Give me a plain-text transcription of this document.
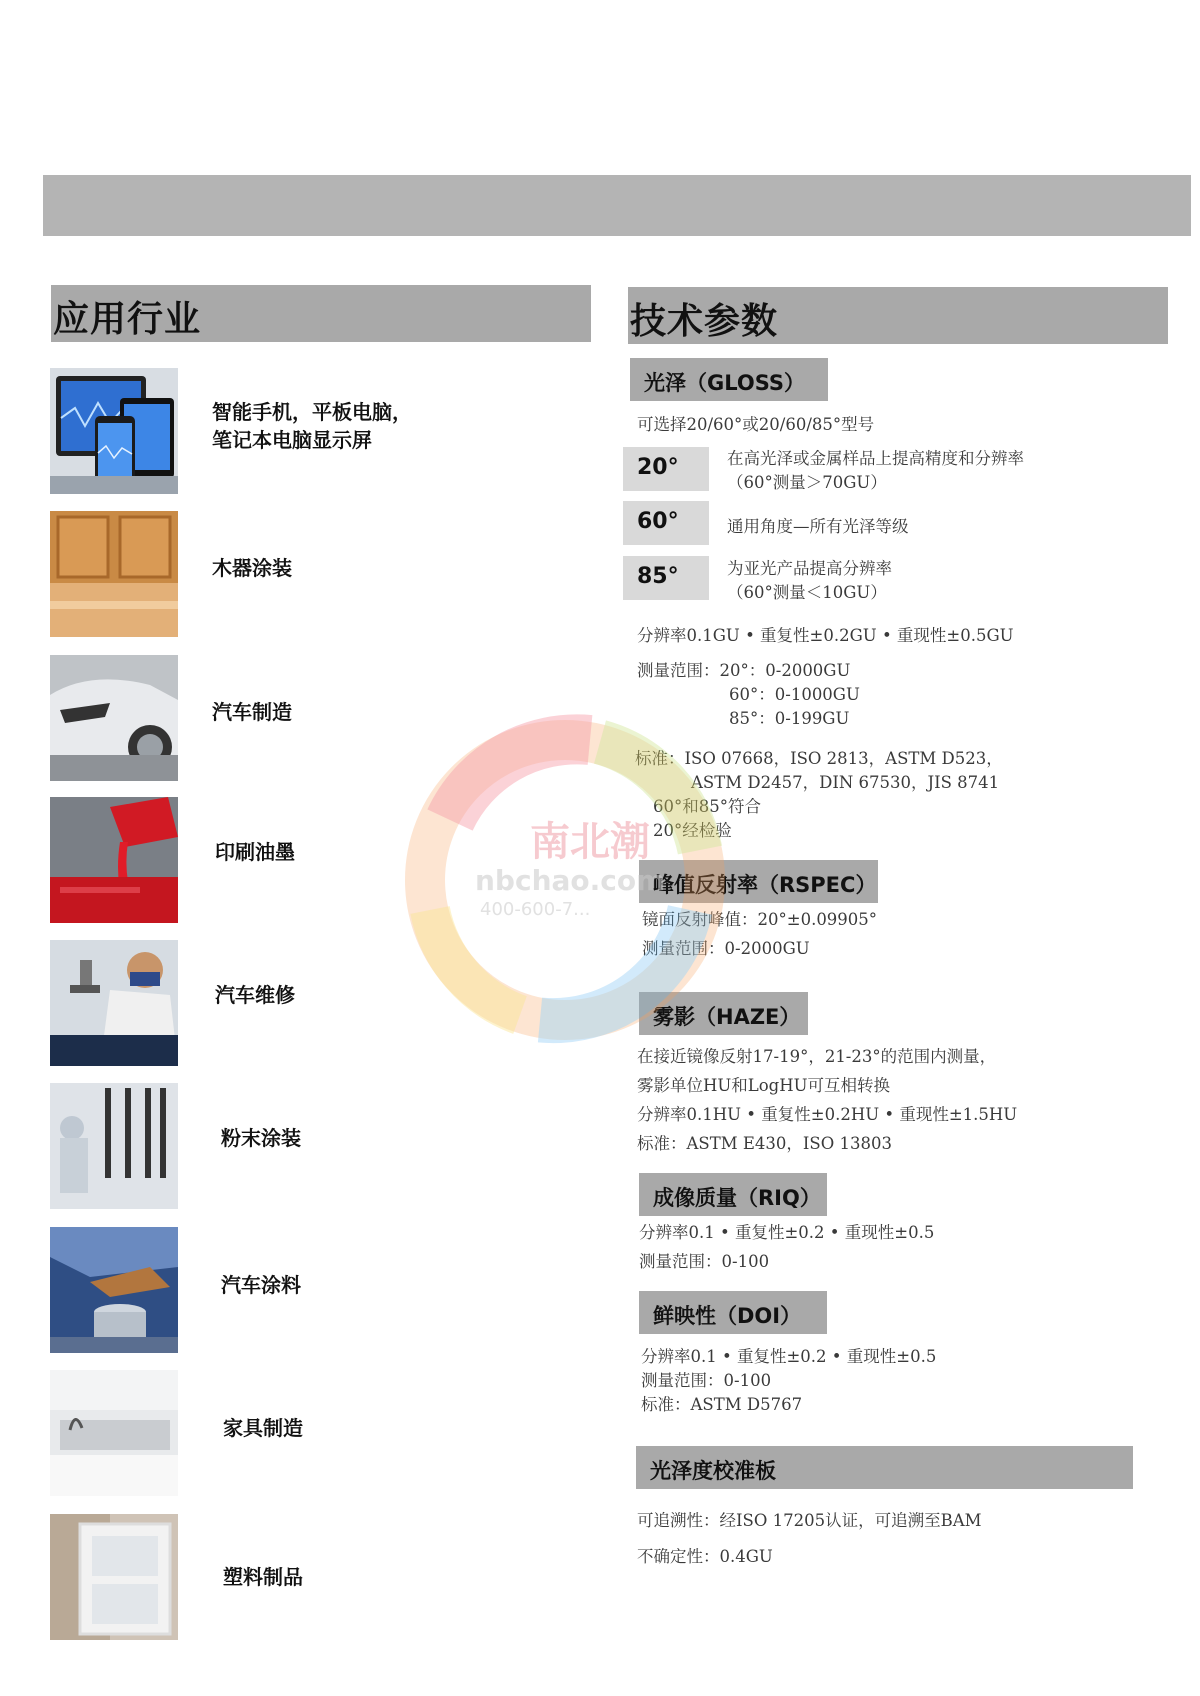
应用行业
智能手机，平板电脑，
笔记本电脑显示屏
木器涂装
汽车制造
印刷油墨
汽车维修
粉末涂装
汽车涂料
家具制造
塑料制品
技术参数
光泽（GLOSS）
可选择20/60°或20/60/85°型号
20°	在高光泽或金属样品上提高精度和分辨率
（60°测量＞70GU）
60°	通用角度—所有光泽等级
85°	为亚光产品提高分辨率
（60°测量＜10GU）
分辨率0.1GU • 重复性±0.2GU • 重现性±0.5GU
测量范围：20°：0-2000GU
60°：0-1000GU
85°：0-199GU
标准：ISO 07668，ISO 2813，ASTM D523，
ASTM D2457，DIN 67530，JIS 8741
60°和85°符合
20°经检验
峰值反射率（RSPEC）
镜面反射峰值：20°±0.09905°
测量范围：0-2000GU
雾影（HAZE）
在接近镜像反射17-19°，21-23°的范围内测量，
雾影单位HU和LogHU可互相转换
分辨率0.1HU • 重复性±0.2HU • 重现性±1.5HU
标准：ASTM E430，ISO 13803
成像质量（RIQ）
分辨率0.1 • 重复性±0.2 • 重现性±0.5
测量范围：0-100
鲜映性（DOI）
分辨率0.1 • 重复性±0.2 • 重现性±0.5
测量范围：0-100
标准：ASTM D5767
光泽度校准板
可追溯性：经ISO 17205认证，可追溯至BAM
不确定性：0.4GU
南北潮
nbchao.com
400-600-7...
